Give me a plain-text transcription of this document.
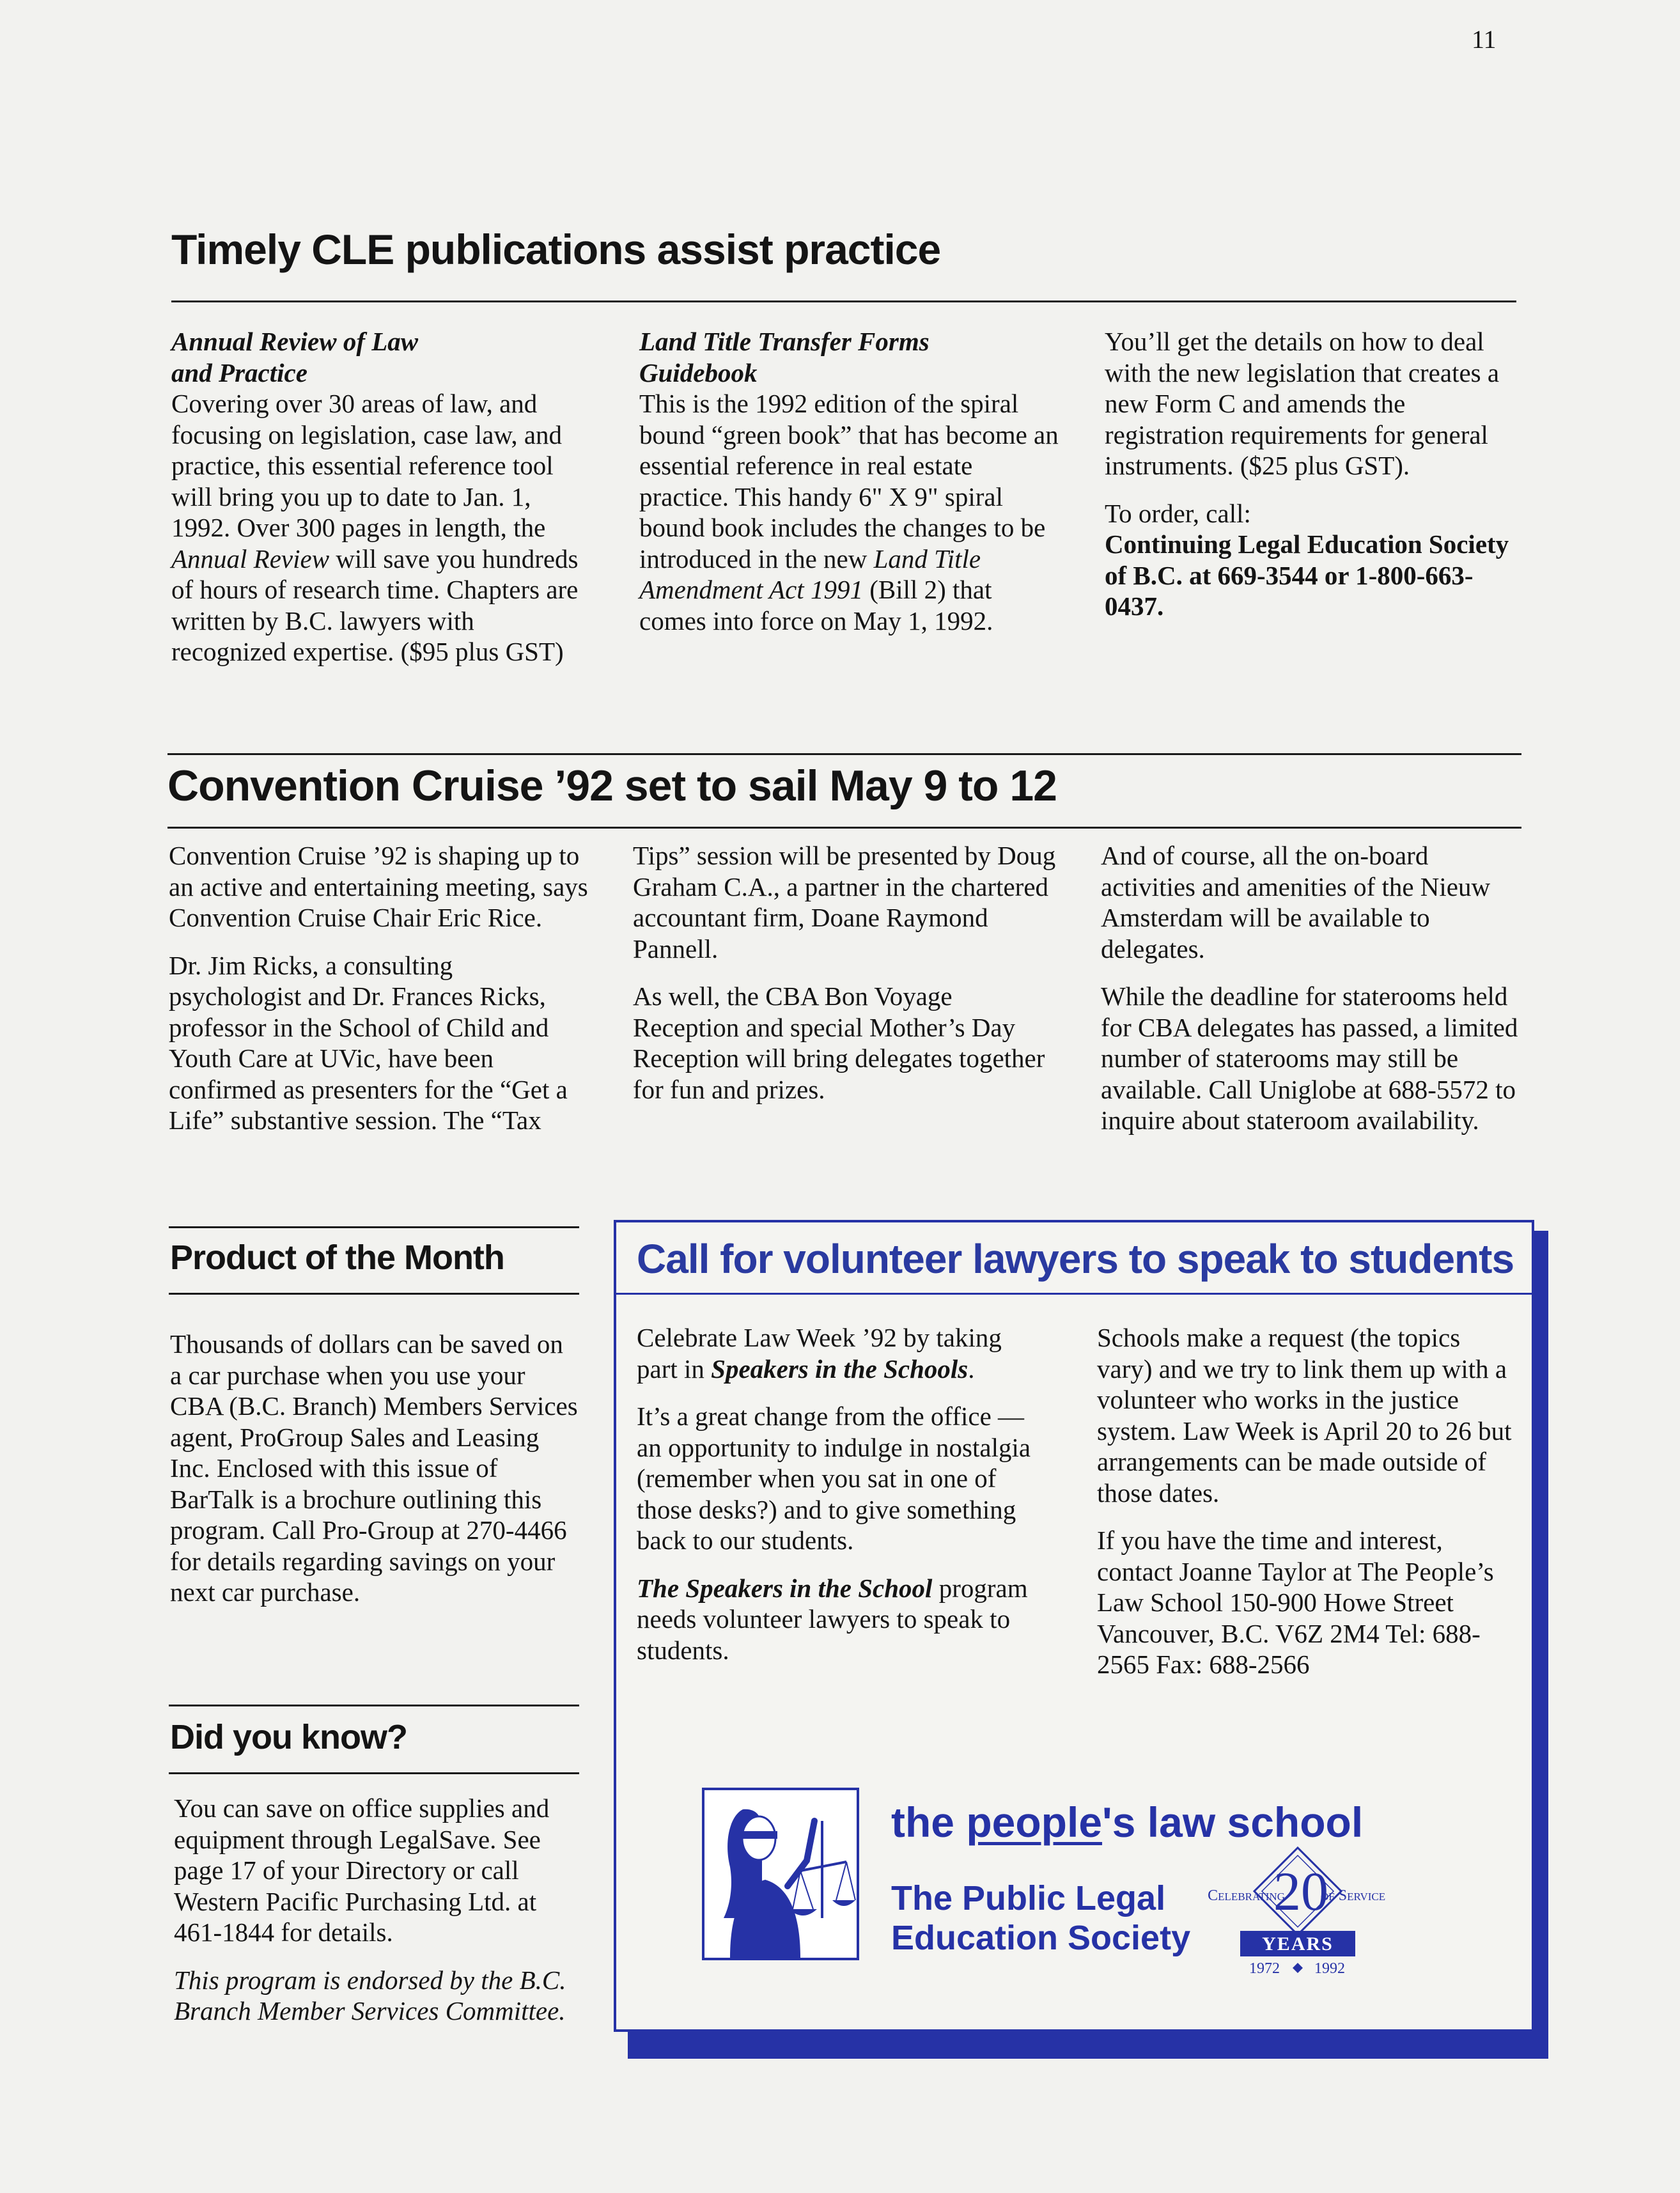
11
Timely CLE publications assist practice

Annual Review of Law
and Practice
Covering over 30 areas of law, and focusing on legislation, case law, and practice, this essential reference tool will bring you up to date to Jan. 1, 1992. Over 300 pages in length, the Annual Review will save you hundreds of hours of research time. Chapters are written by B.C. lawyers with recognized expertise. ($95 plus GST)

Land Title Transfer Forms
Guidebook
This is the 1992 edition of the spiral bound “green book” that has become an essential reference in real estate practice. This handy 6" X 9" spiral bound book includes the changes to be introduced in the new Land Title Amendment Act 1991 (Bill 2) that comes into force on May 1, 1992.

You’ll get the details on how to deal with the new legislation that creates a new Form C and amends the registration requirements for general instruments. ($25 plus GST).

To order, call:

Continuing Legal Education Society of B.C. at 669-3544 or 1-800-663-0437.

Convention Cruise ’92 set to sail May 9 to 12

Convention Cruise ’92 is shaping up to an active and entertaining meeting, says Convention Cruise Chair Eric Rice.

Dr. Jim Ricks, a consulting psychologist and Dr. Frances Ricks, professor in the School of Child and Youth Care at UVic, have been confirmed as presenters for the “Get a Life” substantive session. The “Tax

Tips” session will be presented by Doug Graham C.A., a partner in the chartered accountant firm, Doane Raymond Pannell.

As well, the CBA Bon Voyage Reception and special Mother’s Day Reception will bring delegates together for fun and prizes.

And of course, all the on-board activities and amenities of the Nieuw Amsterdam will be available to delegates.

While the deadline for staterooms held for CBA delegates has passed, a limited number of staterooms may still be available. Call Uniglobe at 688-5572 to inquire about stateroom availability.

Product of the Month

Thousands of dollars can be saved on a car purchase when you use your CBA (B.C. Branch) Members Services agent, ProGroup Sales and Leasing Inc. Enclosed with this issue of BarTalk is a brochure outlining this program. Call Pro-Group at 270-4466 for details regarding savings on your next car purchase.

Did you know?

You can save on office supplies and equipment through LegalSave. See page 17 of your Directory or call Western Pacific Purchasing Ltd. at 461-1844 for details.

This program is endorsed by the B.C. Branch Member Services Committee.

Call for volunteer lawyers to speak to students

Celebrate Law Week ’92 by taking part in Speakers in the Schools.

It’s a great change from the office — an opportunity to indulge in nostalgia (remember when you sat in one of those desks?) and to give something back to our students.

The Speakers in the School program needs volunteer lawyers to speak to students.

Schools make a request (the topics vary) and we try to link them up with a volunteer who works in the justice system. Law Week is April 20 to 26 but arrangements can be made outside of those dates.

If you have the time and interest, contact Joanne Taylor at The People’s Law School 150-900 Howe Street Vancouver, B.C. V6Z 2M4 Tel: 688-2565 Fax: 688-2566

the people's law school
The Public Legal
Education Society
Celebrating
20
of Service
YEARS
1972 1992
